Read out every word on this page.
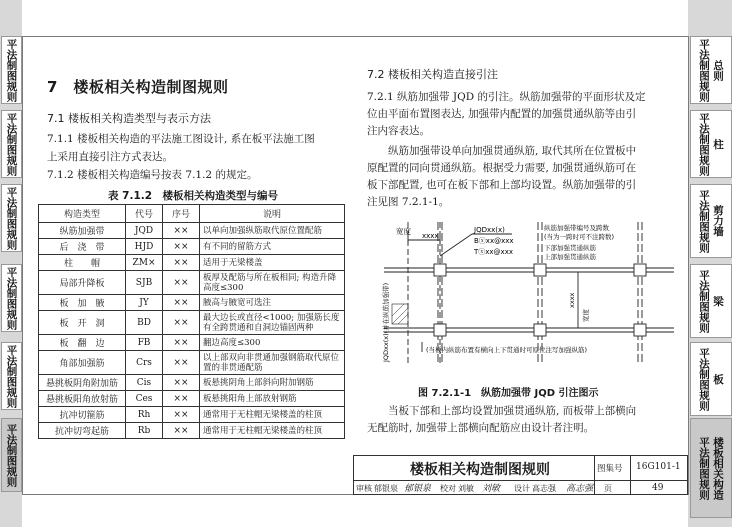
平法制图规则
平法制图规则
平法制图规则
平法制图规则
平法制图规则
平法制图规则
平法制图规则 总则
平法制图规则 柱
平法制图规则 剪力墙
平法制图规则 梁
平法制图规则 板
平法制图规则 楼板相关构造
7　楼板相关构造制图规则
7.1 楼板相关构造类型与表示方法
7.1.1 楼板相关构造的平法施工图设计, 系在板平法施工图
上采用直接引注方式表达。
7.1.2 楼板相关构造编号按表 7.1.2 的规定。
表 7.1.2　楼板相关构造类型与编号
构造类型	代号	序号	说明
纵筋加强带	JQD	××	以单向加强纵筋取代原位置配筋
后　浇　带	HJD	××	有不同的留筋方式
柱　　帽	ZM×	××	适用于无梁楼盖
局部升降板	SJB	××	板厚及配筋与所在板相同; 构造升降高度≤300
板　加　腋	JY	××	腋高与腋宽可选注
板　开　洞	BD	××	最大边长或直径<1000; 加强筋长度有全跨贯通和自洞边锚固两种
板　翻　边	FB	××	翻边高度≤300
角部加强筋	Crs	××	以上部双向非贯通加强钢筋取代原位置的非贯通配筋
悬挑板阴角附加筋	Cis	××	板悬挑阴角上部斜向附加钢筋
悬挑板阳角放射筋	Ces	××	板悬挑阳角上部放射钢筋
抗冲切箍筋	Rh	××	通常用于无柱帽无梁楼盖的柱顶
抗冲切弯起筋	Rb	××	通常用于无柱帽无梁楼盖的柱顶
7.2 楼板相关构造直接引注
7.2.1 纵筋加强带 JQD 的引注。纵筋加强带的平面形状及定
位由平面布置图表达, 加强带内配置的加强贯通纵筋等由引
注内容表达。
纵筋加强带设单向加强贯通纵筋, 取代其所在位置板中
原配置的同向贯通纵筋。根据受力需要, 加强贯通纵筋可在
板下部配置, 也可在板下部和上部均设置。纵筋加强带的引
注见图 7.2.1-1。
宽度 xxxx
JQDxx(x)
Bⓧxx@xxx
Tⓧxx@xxx
纵筋加强带编号及跨数
(当为一跨时可不注跨数)
下部加强贯通纵筋
上部加强贯通纵筋
JQDxx(x)(并在纵筋加强带)	xxxx
宽度
(当板内纵筋布置有横向上下贯通时可原位注写加强纵筋)
图 7.2.1-1　纵筋加强带 JQD 引注图示
当板下部和上部均设置加强贯通纵筋, 而板带上部横向
无配筋时, 加强带上部横向配筋应由设计者注明。
楼板相关构造制图规则	图集号 16G101-1
审核 郁银泉 郁银泉 校对 刘敏 刘敏 设计 高志强 高志强 页	49
